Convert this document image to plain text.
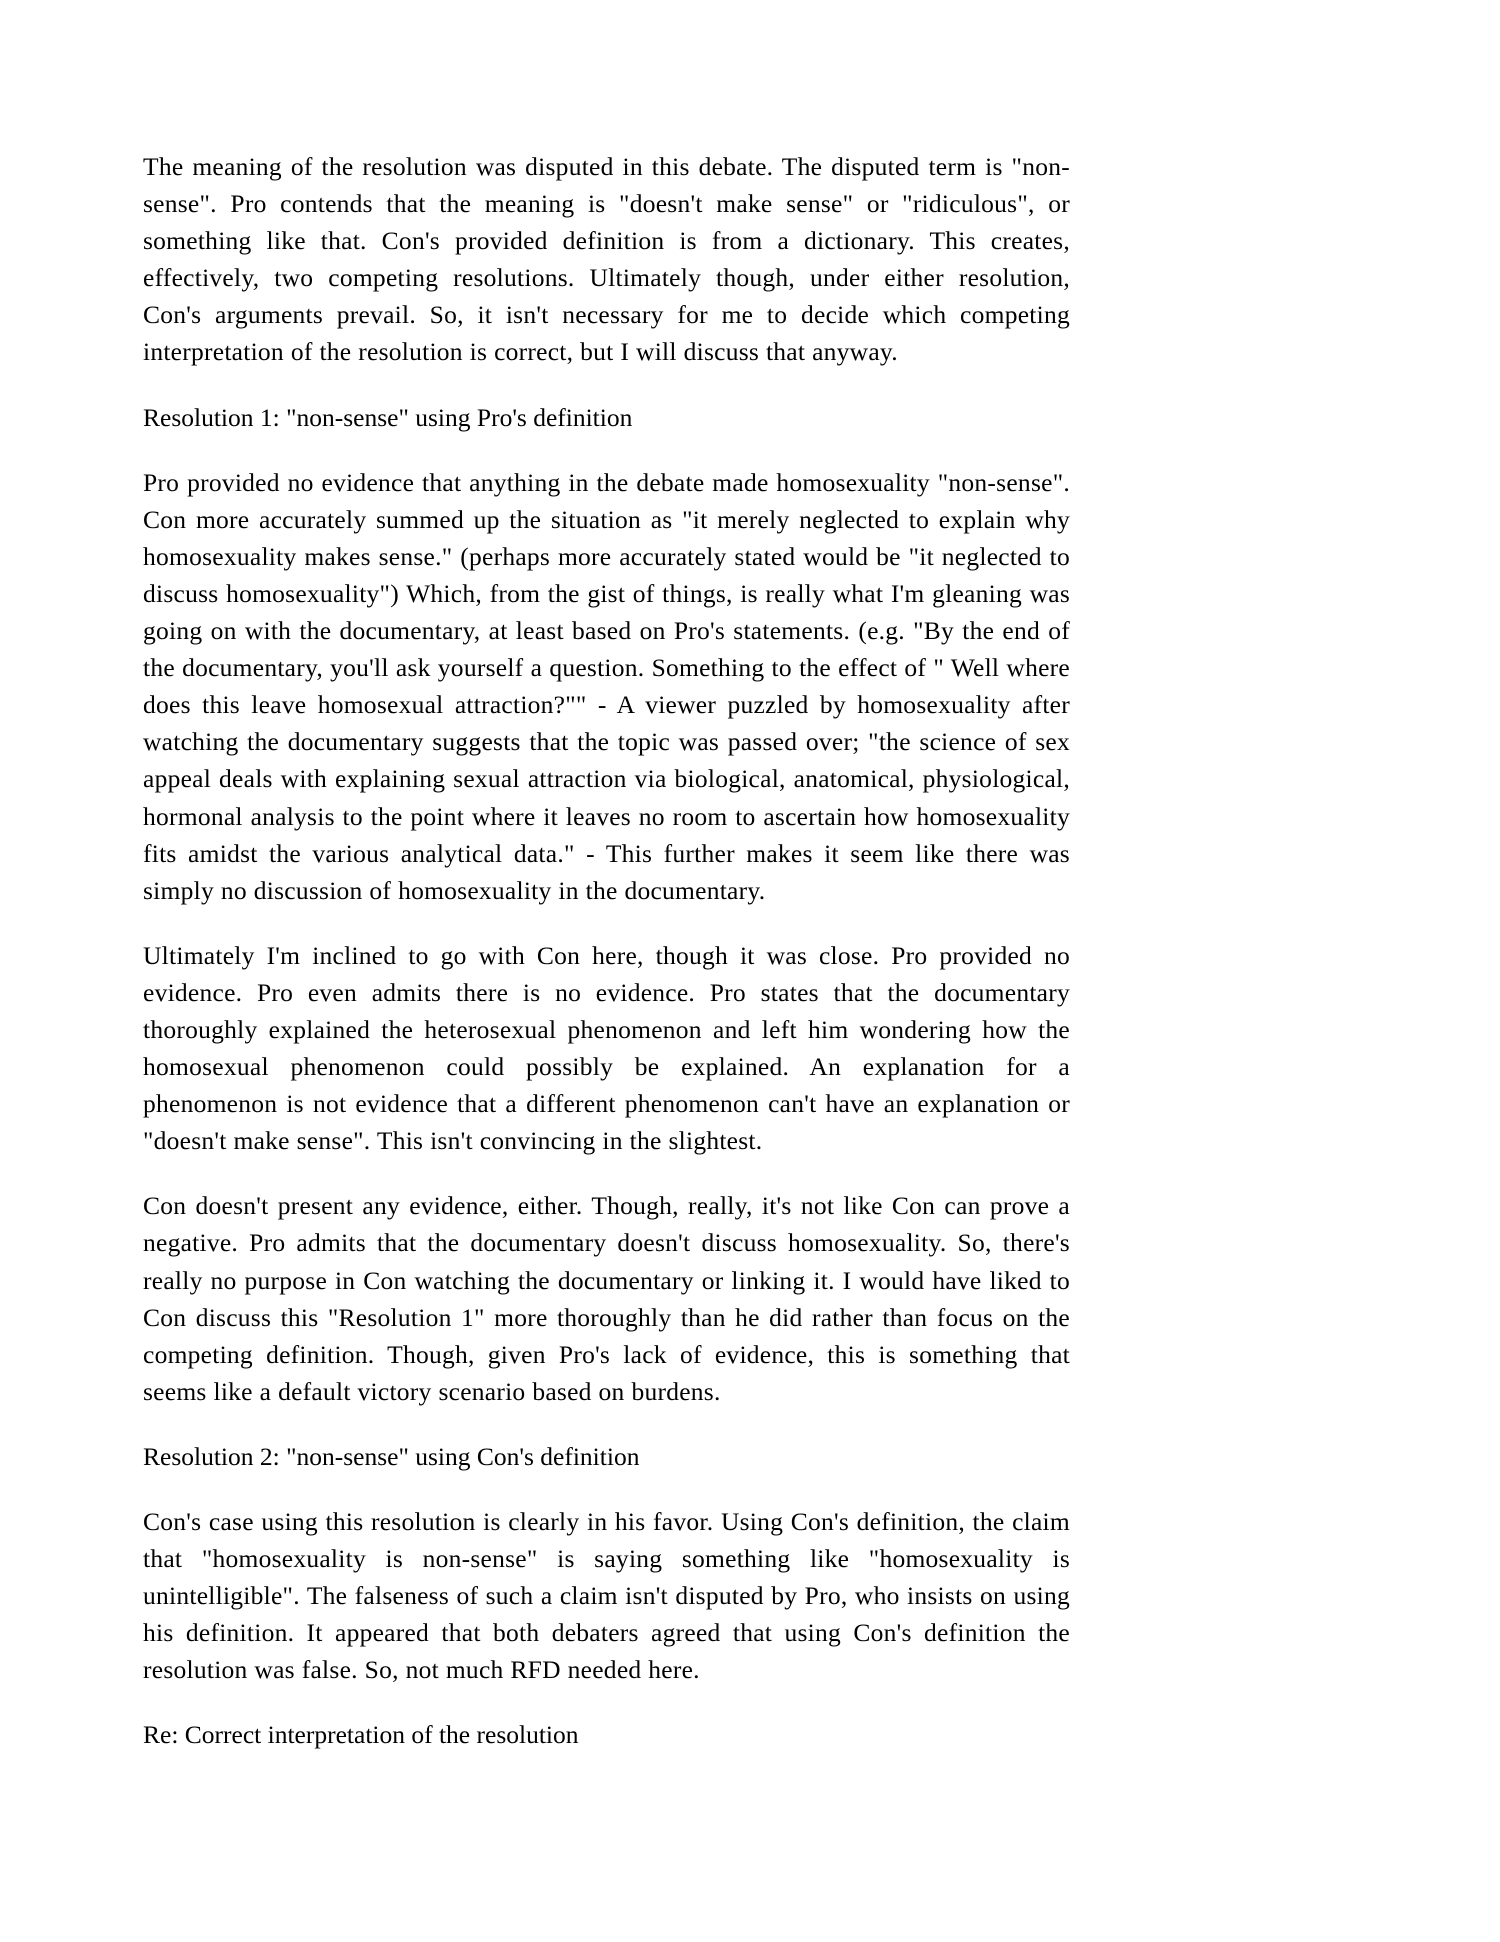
The meaning of the resolution was disputed in this debate. The disputed term is "non-sense". Pro contends that the meaning is "doesn't make sense" or "ridiculous", or something like that. Con's provided definition is from a dictionary. This creates, effectively, two competing resolutions. Ultimately though, under either resolution, Con's arguments prevail. So, it isn't necessary for me to decide which competing interpretation of the resolution is correct, but I will discuss that anyway.

Resolution 1: "non-sense" using Pro's definition

Pro provided no evidence that anything in the debate made homosexuality "non-sense". Con more accurately summed up the situation as "it merely neglected to explain why homosexuality makes sense." (perhaps more accurately stated would be "it neglected to discuss homosexuality") Which, from the gist of things, is really what I'm gleaning was going on with the documentary, at least based on Pro's statements. (e.g. "By the end of the documentary, you'll ask yourself a question. Something to the effect of " Well where does this leave homosexual attraction?"" - A viewer puzzled by homosexuality after watching the documentary suggests that the topic was passed over; "the science of sex appeal deals with explaining sexual attraction via biological, anatomical, physiological, hormonal analysis to the point where it leaves no room to ascertain how homosexuality fits amidst the various analytical data." - This further makes it seem like there was simply no discussion of homosexuality in the documentary.

Ultimately I'm inclined to go with Con here, though it was close. Pro provided no evidence. Pro even admits there is no evidence. Pro states that the documentary thoroughly explained the heterosexual phenomenon and left him wondering how the homosexual phenomenon could possibly be explained. An explanation for a phenomenon is not evidence that a different phenomenon can't have an explanation or "doesn't make sense". This isn't convincing in the slightest.

Con doesn't present any evidence, either. Though, really, it's not like Con can prove a negative. Pro admits that the documentary doesn't discuss homosexuality. So, there's really no purpose in Con watching the documentary or linking it. I would have liked to Con discuss this "Resolution 1" more thoroughly than he did rather than focus on the competing definition. Though, given Pro's lack of evidence, this is something that seems like a default victory scenario based on burdens.

Resolution 2: "non-sense" using Con's definition

Con's case using this resolution is clearly in his favor. Using Con's definition, the claim that "homosexuality is non-sense" is saying something like "homosexuality is unintelligible". The falseness of such a claim isn't disputed by Pro, who insists on using his definition. It appeared that both debaters agreed that using Con's definition the resolution was false. So, not much RFD needed here.

Re: Correct interpretation of the resolution
